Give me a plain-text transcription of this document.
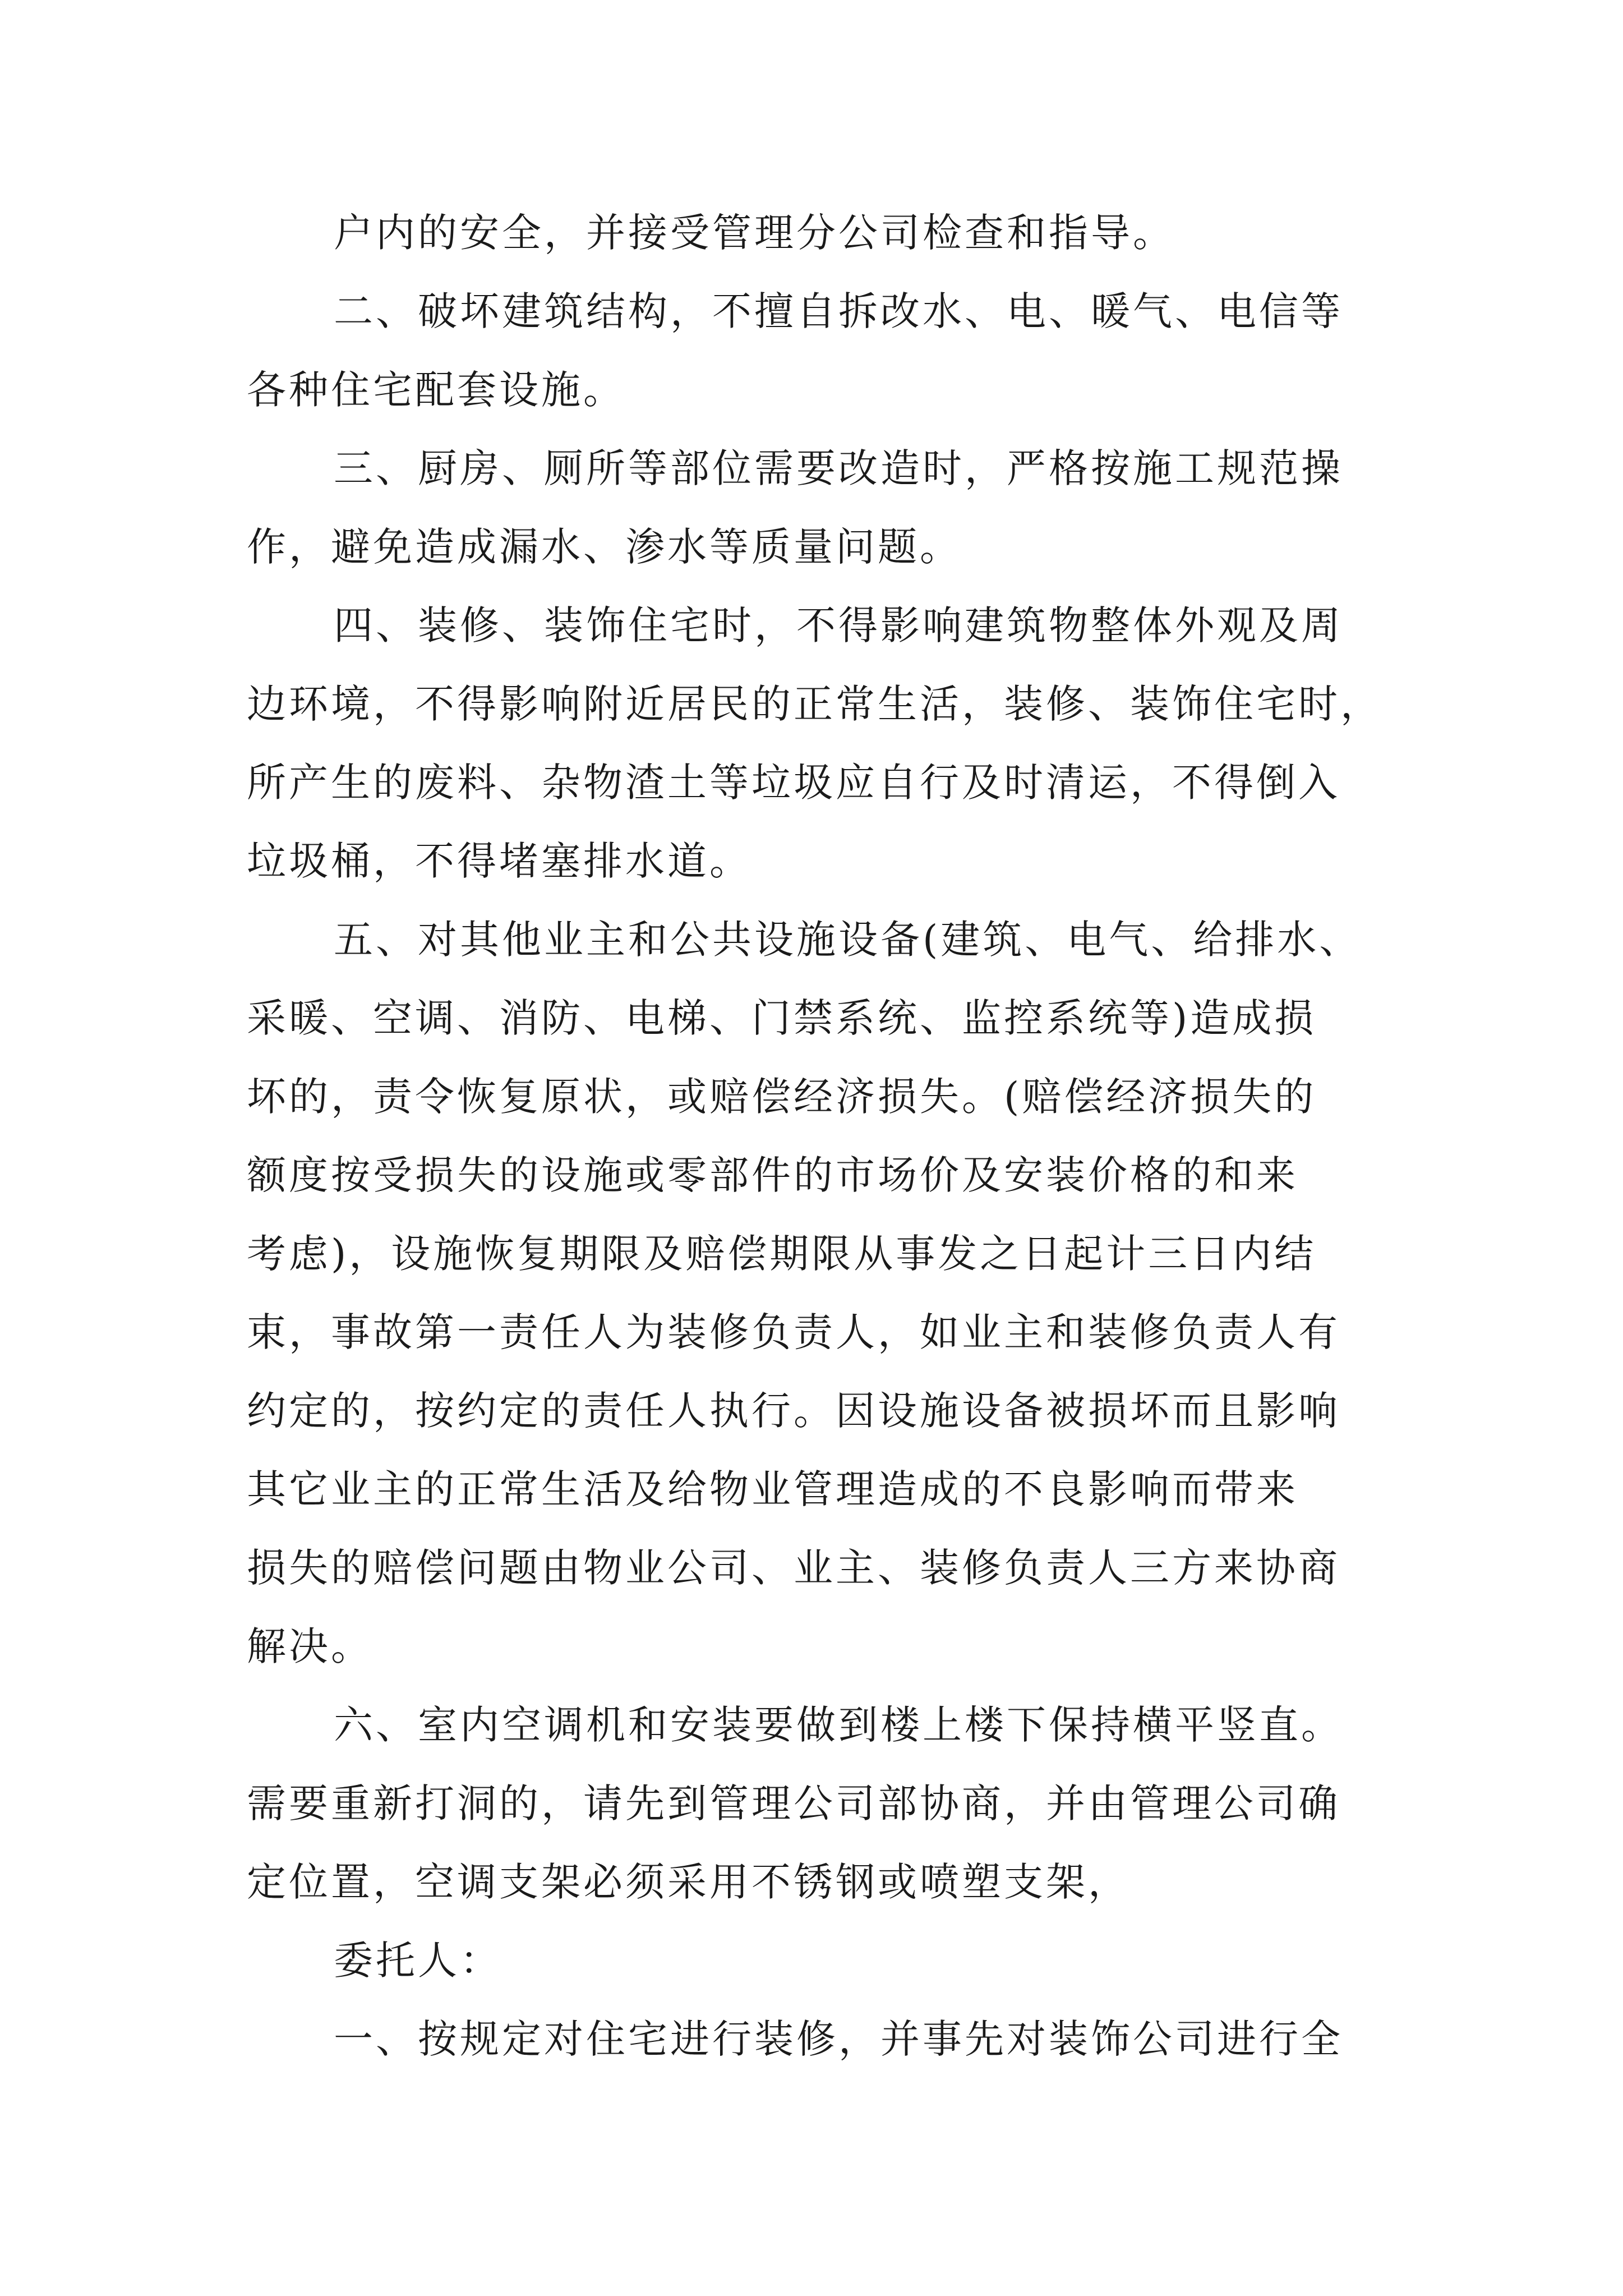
户内的安全，并接受管理分公司检查和指导。
二、破坏建筑结构，不擅自拆改水、电、暖气、电信等
各种住宅配套设施。
三、厨房、厕所等部位需要改造时，严格按施工规范操
作，避免造成漏水、渗水等质量问题。
四、装修、装饰住宅时，不得影响建筑物整体外观及周
边环境，不得影响附近居民的正常生活，装修、装饰住宅时，
所产生的废料、杂物渣土等垃圾应自行及时清运，不得倒入
垃圾桶，不得堵塞排水道。
五、对其他业主和公共设施设备(建筑、电气、给排水、
采暖、空调、消防、电梯、门禁系统、监控系统等)造成损
坏的，责令恢复原状，或赔偿经济损失。(赔偿经济损失的
额度按受损失的设施或零部件的市场价及安装价格的和来
考虑)，设施恢复期限及赔偿期限从事发之日起计三日内结
束，事故第一责任人为装修负责人，如业主和装修负责人有
约定的，按约定的责任人执行。因设施设备被损坏而且影响
其它业主的正常生活及给物业管理造成的不良影响而带来
损失的赔偿问题由物业公司、业主、装修负责人三方来协商
解决。
六、室内空调机和安装要做到楼上楼下保持横平竖直。
需要重新打洞的，请先到管理公司部协商，并由管理公司确
定位置，空调支架必须采用不锈钢或喷塑支架，
委托人：
一、按规定对住宅进行装修，并事先对装饰公司进行全
